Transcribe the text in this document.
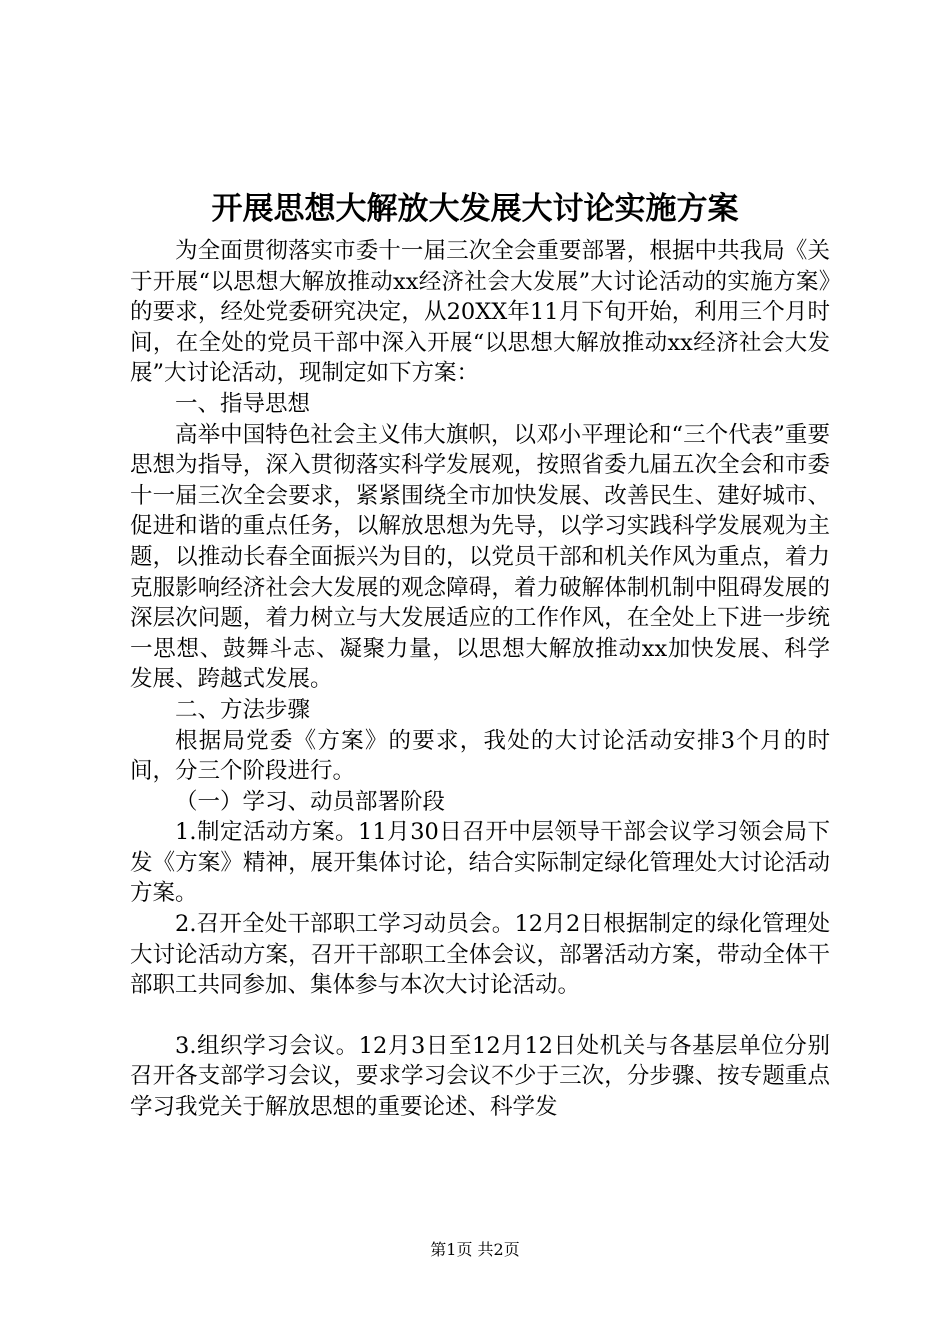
开展思想大解放大发展大讨论实施方案

为全面贯彻落实市委十一届三次全会重要部署，根据中共我局《关于开展“以思想大解放推动xx经济社会大发展”大讨论活动的实施方案》的要求，经处党委研究决定，从20XX年11月下旬开始，利用三个月时间，在全处的党员干部中深入开展“以思想大解放推动xx经济社会大发展”大讨论活动，现制定如下方案：

一、指导思想

高举中国特色社会主义伟大旗帜，以邓小平理论和“三个代表”重要思想为指导，深入贯彻落实科学发展观，按照省委九届五次全会和市委十一届三次全会要求，紧紧围绕全市加快发展、改善民生、建好城市、促进和谐的重点任务，以解放思想为先导，以学习实践科学发展观为主题，以推动长春全面振兴为目的，以党员干部和机关作风为重点，着力克服影响经济社会大发展的观念障碍，着力破解体制机制中阻碍发展的深层次问题，着力树立与大发展适应的工作作风，在全处上下进一步统一思想、鼓舞斗志、凝聚力量，以思想大解放推动xx加快发展、科学发展、跨越式发展。

二、方法步骤

根据局党委《方案》的要求，我处的大讨论活动安排3个月的时间，分三个阶段进行。

（一）学习、动员部署阶段

1.制定活动方案。11月30日召开中层领导干部会议学习领会局下发《方案》精神，展开集体讨论，结合实际制定绿化管理处大讨论活动方案。

2.召开全处干部职工学习动员会。12月2日根据制定的绿化管理处大讨论活动方案，召开干部职工全体会议，部署活动方案，带动全体干部职工共同参加、集体参与本次大讨论活动。

3.组织学习会议。12月3日至12月12日处机关与各基层单位分别召开各支部学习会议，要求学习会议不少于三次，分步骤、按专题重点学习我党关于解放思想的重要论述、科学发

第1页 共2页
